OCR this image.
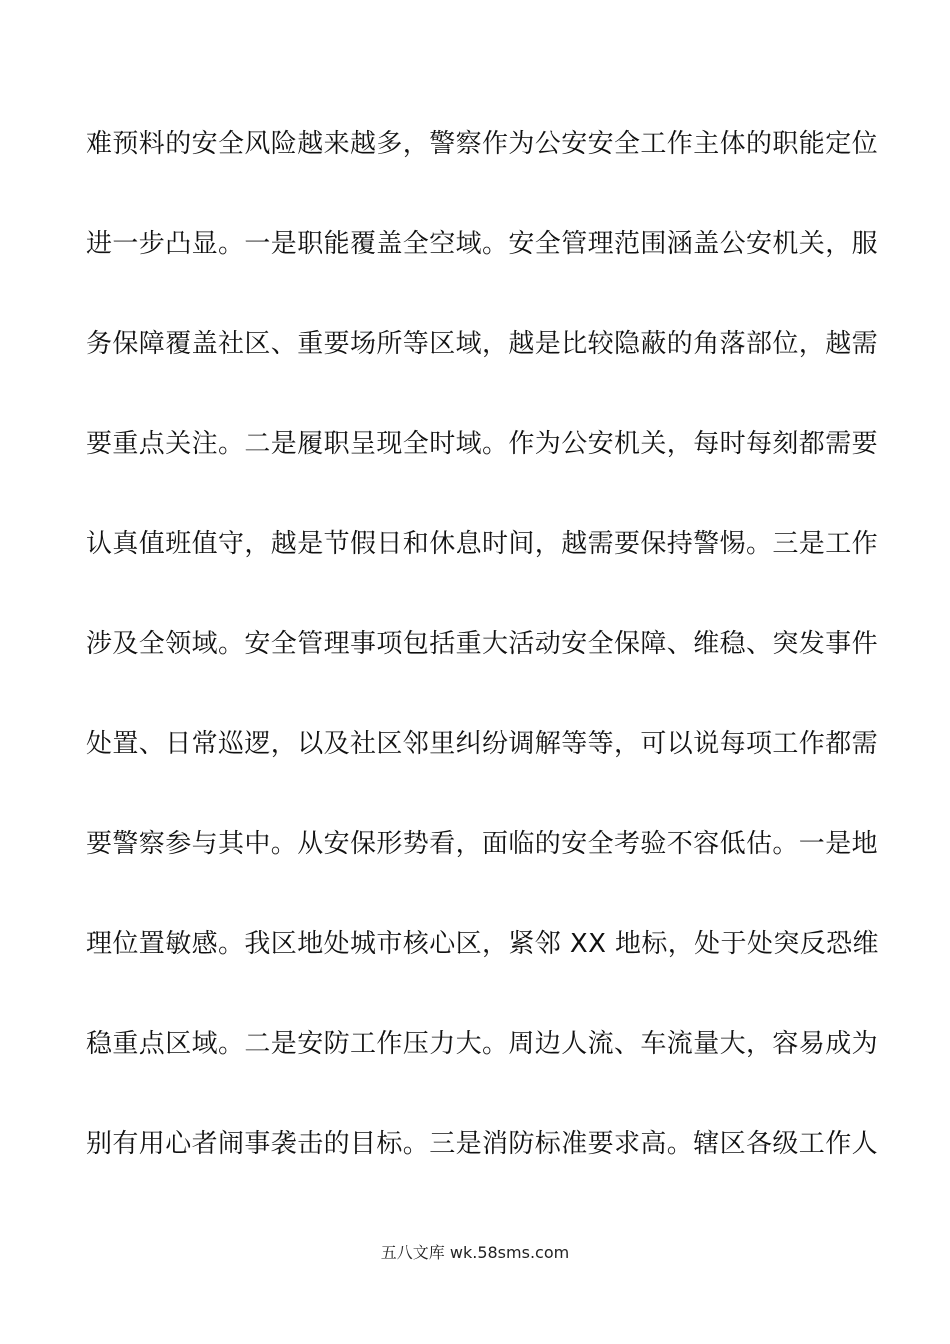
难预料的安全风险越来越多，警察作为公安安全工作主体的职能定位
进一步凸显。一是职能覆盖全空域。安全管理范围涵盖公安机关，服
务保障覆盖社区、重要场所等区域，越是比较隐蔽的角落部位，越需
要重点关注。二是履职呈现全时域。作为公安机关，每时每刻都需要
认真值班值守，越是节假日和休息时间，越需要保持警惕。三是工作
涉及全领域。安全管理事项包括重大活动安全保障、维稳、突发事件
处置、日常巡逻，以及社区邻里纠纷调解等等，可以说每项工作都需
要警察参与其中。从安保形势看，面临的安全考验不容低估。一是地
理位置敏感。我区地处城市核心区，紧邻 XX 地标，处于处突反恐维
稳重点区域。二是安防工作压力大。周边人流、车流量大，容易成为
别有用心者闹事袭击的目标。三是消防标准要求高。辖区各级工作人
五八文库 wk.58sms.com
